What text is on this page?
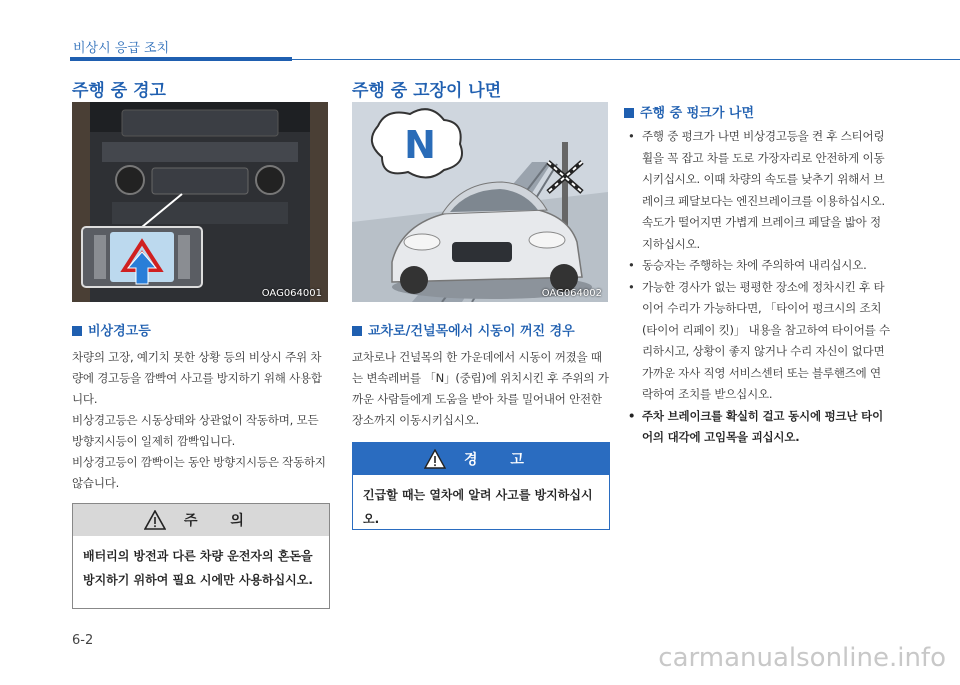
비상시 응급 조치
주행 중 경고
OAG064001
비상경고등

차량의 고장, 예기치 못한 상황 등의 비상시 주위 차량에 경고등을 깜빡여 사고를 방지하기 위해 사용합니다.

비상경고등은 시동상태와 상관없이 작동하며, 모든 방향지시등이 일제히 깜빡입니다.

비상경고등이 깜빡이는 동안 방향지시등은 작동하지 않습니다.

주 의
배터리의 방전과 다른 차량 운전자의 혼돈을 방지하기 위하여 필요 시에만 사용하십시오.
주행 중 고장이 나면
N
OAG064002
교차로/건널목에서 시동이 꺼진 경우

교차로나 건널목의 한 가운데에서 시동이 꺼졌을 때는 변속레버를 「N」(중립)에 위치시킨 후 주위의 가까운 사람들에게 도움을 받아 차를 밀어내어 안전한 장소까지 이동시키십시오.

경 고
긴급할 때는 열차에 알려 사고를 방지하십시오.
주행 중 펑크가 나면
• 주행 중 펑크가 나면 비상경고등을 켠 후 스티어링 휠을 꼭 잡고 차를 도로 가장자리로 안전하게 이동시키십시오. 이때 차량의 속도를 낮추기 위해서 브레이크 페달보다는 엔진브레이크를 이용하십시오. 속도가 떨어지면 가볍게 브레이크 페달을 밟아 정지하십시오.
• 동승자는 주행하는 차에 주의하여 내리십시오.
• 가능한 경사가 없는 평평한 장소에 정차시킨 후 타이어 수리가 가능하다면, 「타이어 펑크시의 조치(타이어 리페이 킷)」 내용을 참고하여 타이어를 수리하시고, 상황이 좋지 않거나 수리 자신이 없다면 가까운 자사 직영 서비스센터 또는 블루핸즈에 연락하여 조치를 받으십시오.
• 주차 브레이크를 확실히 걸고 동시에 펑크난 타이어의 대각에 고임목을 괴십시오.
6-2
carmanualsonline.info
